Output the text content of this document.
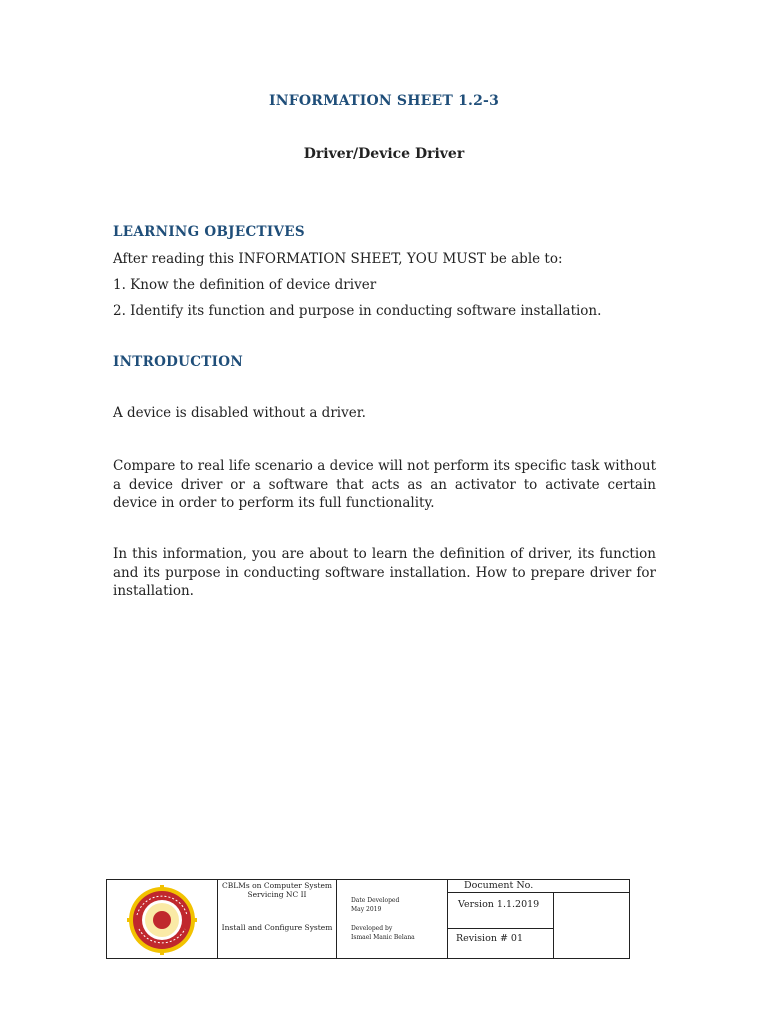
INFORMATION SHEET 1.2-3
Driver/Device Driver
LEARNING OBJECTIVES
After reading this INFORMATION SHEET, YOU MUST be able to:
1. Know the definition of device driver
2. Identify its function and purpose in conducting software installation.
INTRODUCTION
A device is disabled without a driver.
Compare to real life scenario a device will not perform its specific task without a device driver or a software that acts as an activator to activate certain device in order to perform its full functionality.
In this information, you are about to learn the definition of driver, its function and its purpose in conducting software installation. How to prepare driver for installation.
CBLMs on Computer System Servicing NC II
Install and Configure System
Date Developed
May 2019
Developed by
Ismael Manic Belana
Document No.
Version 1.1.2019
Revision # 01
